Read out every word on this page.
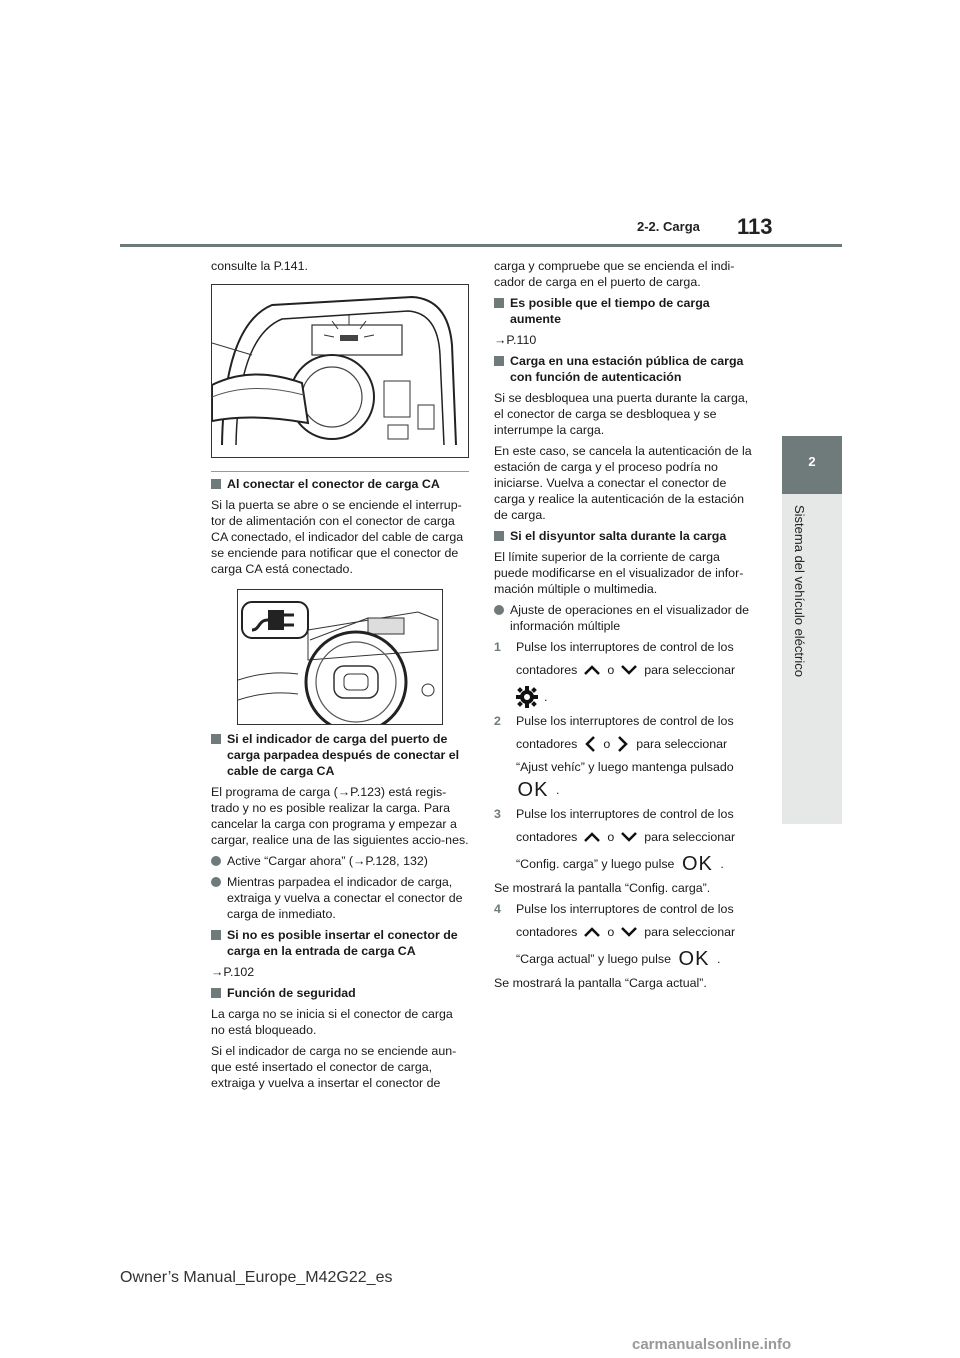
2-2. Carga 113
2
Sistema del vehículo eléctrico

consulte la P.141.

Al conectar el conector de carga CA

Si la puerta se abre o se enciende el interrup-tor de alimentación con el conector de carga CA conectado, el indicador del cable de carga se enciende para notificar que el conector de carga CA está conectado.

Si el indicador de carga del puerto de carga parpadea después de conectar el cable de carga CA

El programa de carga (→P.123) está regis-trado y no es posible realizar la carga. Para cancelar la carga con programa y empezar a cargar, realice una de las siguientes accio-nes.

Active “Cargar ahora” (→P.128, 132)

Mientras parpadea el indicador de carga, extraiga y vuelva a conectar el conector de carga de inmediato.

Si no es posible insertar el conector de carga en la entrada de carga CA

→P.102

Función de seguridad

La carga no se inicia si el conector de carga no está bloqueado.

Si el indicador de carga no se enciende aun-que esté insertado el conector de carga, extraiga y vuelva a insertar el conector de

carga y compruebe que se encienda el indi-cador de carga en el puerto de carga.

Es posible que el tiempo de carga aumente

→P.110

Carga en una estación pública de carga con función de autenticación

Si se desbloquea una puerta durante la carga, el conector de carga se desbloquea y se interrumpe la carga.

En este caso, se cancela la autenticación de la estación de carga y el proceso podría no iniciarse. Vuelva a conectar el conector de carga y realice la autenticación de la estación de carga.

Si el disyuntor salta durante la carga

El límite superior de la corriente de carga puede modificarse en el visualizador de infor-mación múltiple o multimedia.

Ajuste de operaciones en el visualizador de información múltiple

1 Pulse los interruptores de control de los

contadores o para seleccionar
.
2 Pulse los interruptores de control de los

contadores o para seleccionar

“Ajust vehíc” y luego mantenga pulsado

OK .
3 Pulse los interruptores de control de los

contadores o para seleccionar
“Config. carga” y luego pulse OK .

Se mostrará la pantalla “Config. carga”.

4 Pulse los interruptores de control de los

contadores o para seleccionar
“Carga actual” y luego pulse OK .

Se mostrará la pantalla “Carga actual”.

Owner’s Manual_Europe_M42G22_es
carmanualsonline.info
